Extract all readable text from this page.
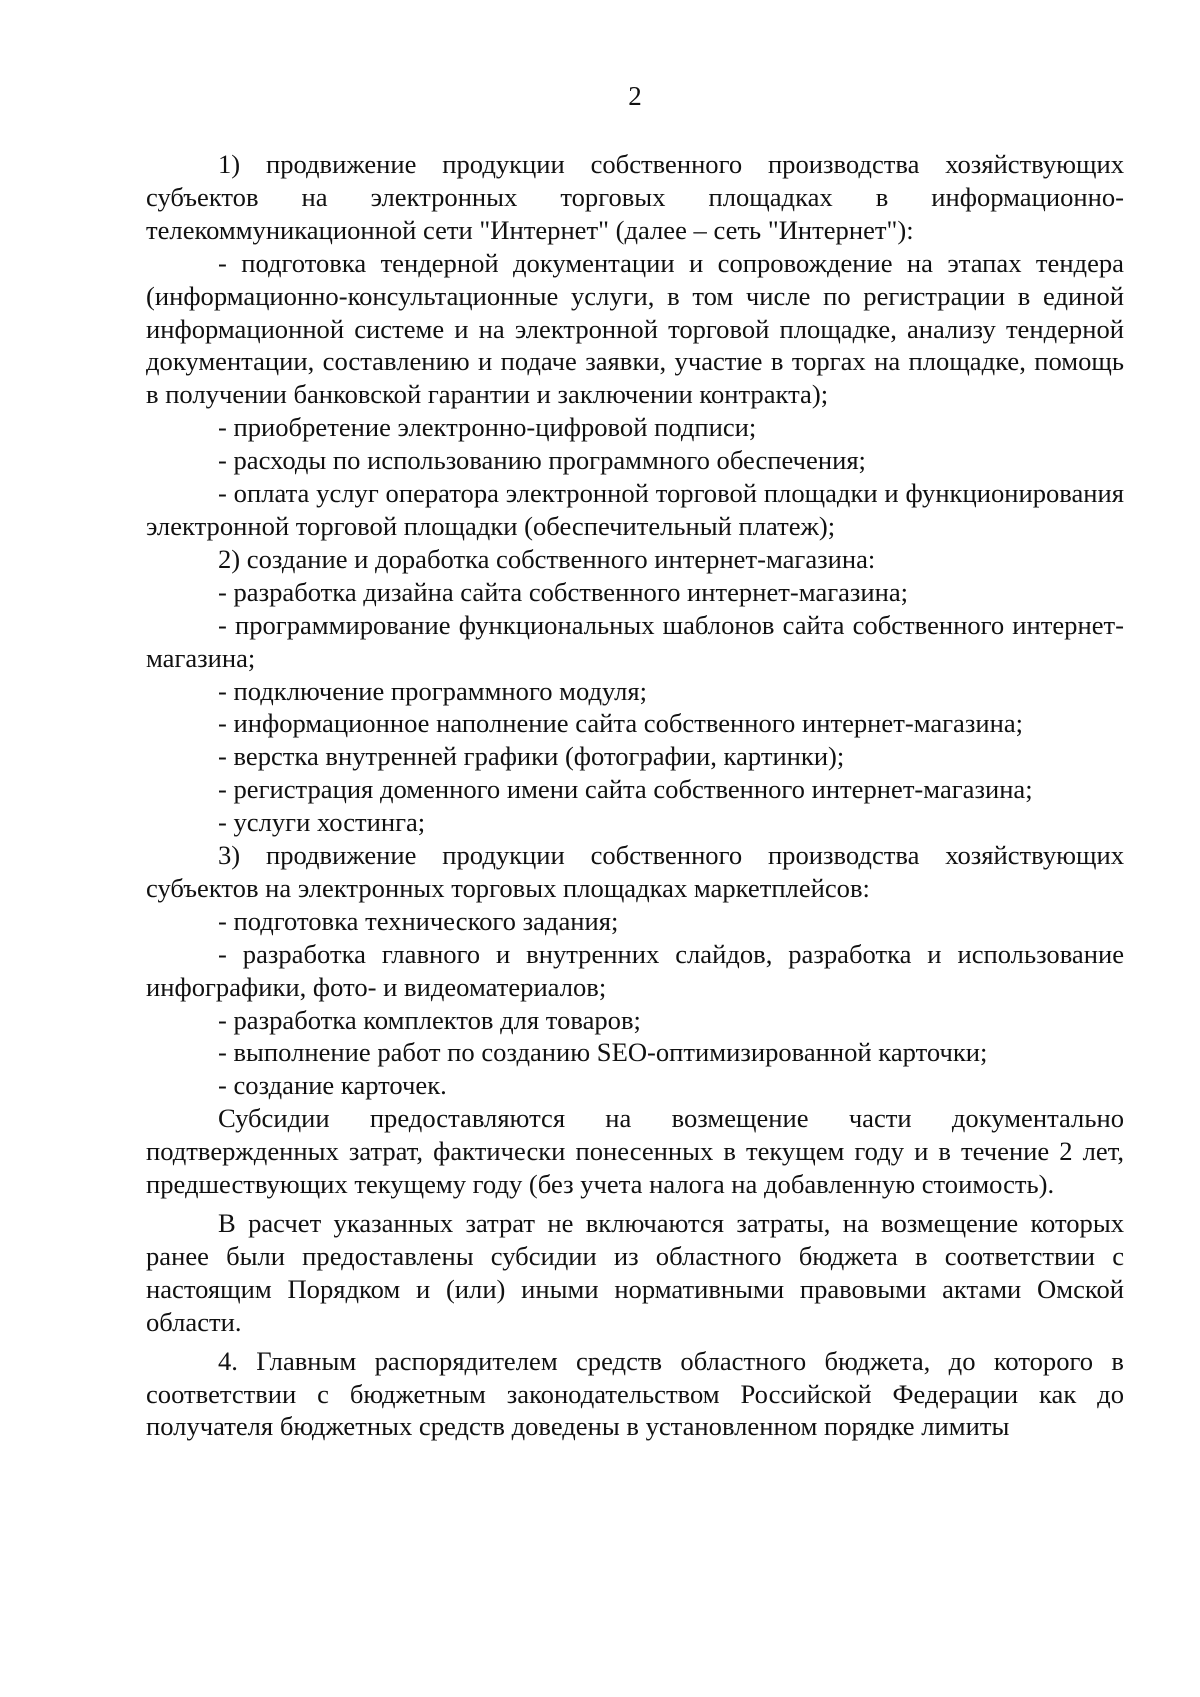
2

1) продвижение продукции собственного производства хозяйствующих субъектов на электронных торговых площадках в информационно-телекоммуникационной сети "Интернет" (далее – сеть "Интернет"):

- подготовка тендерной документации и сопровождение на этапах тендера (информационно-консультационные услуги, в том числе по регистрации в единой информационной системе и на электронной торговой площадке, анализу тендерной документации, составлению и подаче заявки, участие в торгах на площадке, помощь в получении банковской гарантии и заключении контракта);

- приобретение электронно-цифровой подписи;

- расходы по использованию программного обеспечения;

- оплата услуг оператора электронной торговой площадки и функционирования электронной торговой площадки (обеспечительный платеж);

2) создание и доработка собственного интернет-магазина:

- разработка дизайна сайта собственного интернет-магазина;

- программирование функциональных шаблонов сайта собственного интернет-магазина;

- подключение программного модуля;

- информационное наполнение сайта собственного интернет-магазина;

- верстка внутренней графики (фотографии, картинки);

- регистрация доменного имени сайта собственного интернет-магазина;

- услуги хостинга;

3) продвижение продукции собственного производства хозяйствующих субъектов на электронных торговых площадках маркетплейсов:

- подготовка технического задания;

- разработка главного и внутренних слайдов, разработка и использование инфографики, фото- и видеоматериалов;

- разработка комплектов для товаров;

- выполнение работ по созданию SEO-оптимизированной карточки;

- создание карточек.

Субсидии предоставляются на возмещение части документально подтвержденных затрат, фактически понесенных в текущем году и в течение 2 лет, предшествующих текущему году (без учета налога на добавленную стоимость).

В расчет указанных затрат не включаются затраты, на возмещение которых ранее были предоставлены субсидии из областного бюджета в соответствии с настоящим Порядком и (или) иными нормативными правовыми актами Омской области.

4. Главным распорядителем средств областного бюджета, до которого в соответствии с бюджетным законодательством Российской Федерации как до получателя бюджетных средств доведены в установленном порядке лимиты
